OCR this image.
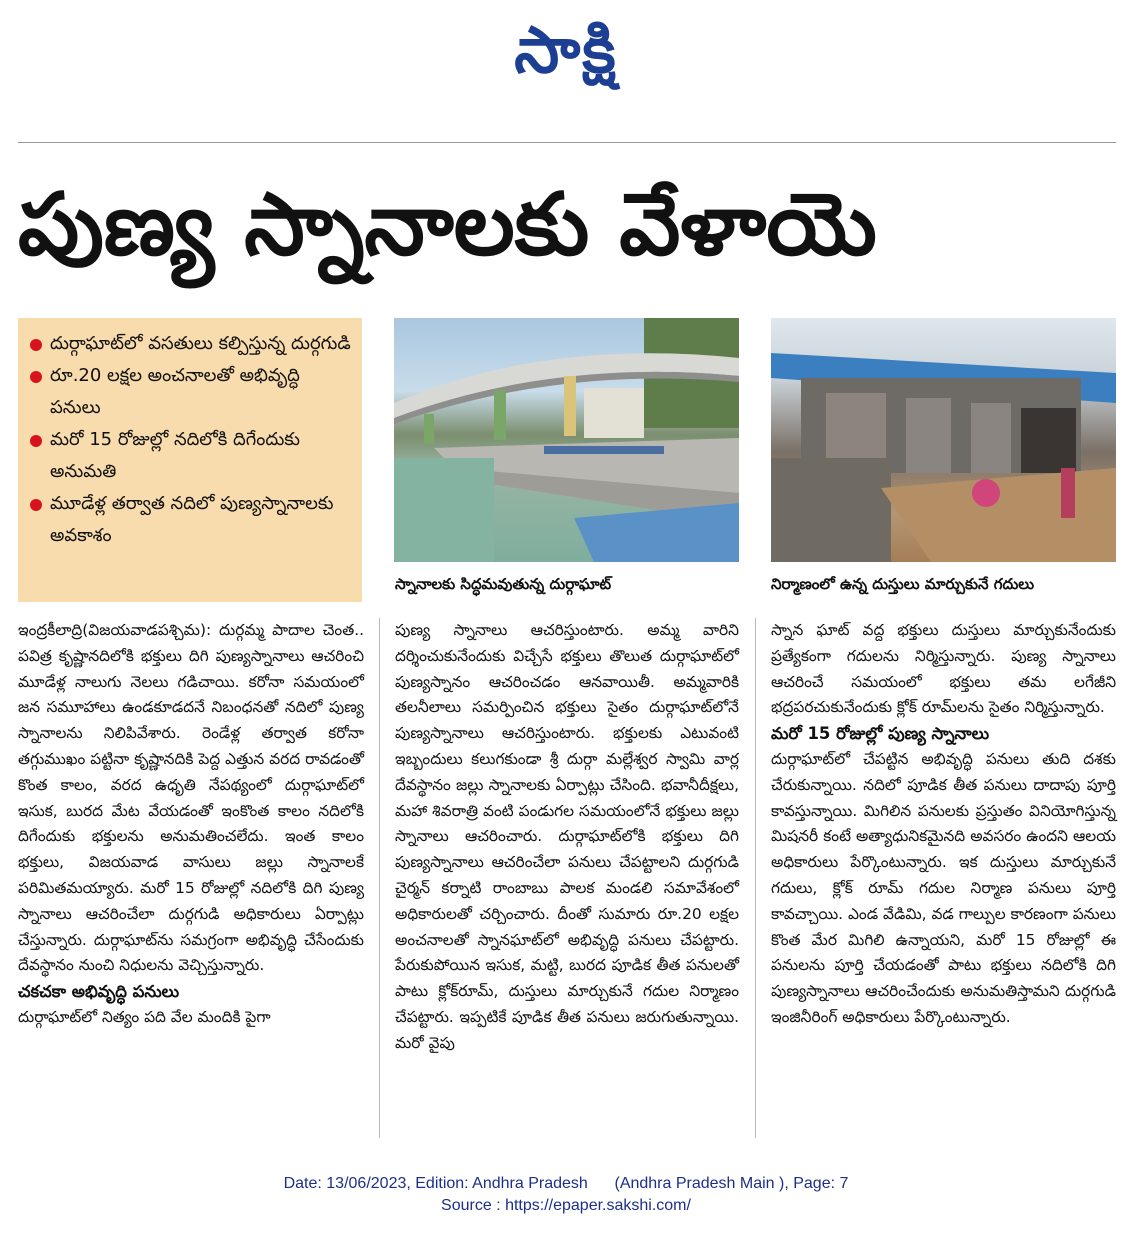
సాక్షి
పుణ్య స్నానాలకు వేళాయె
దుర్గాఘాట్‌లో వసతులు కల్పిస్తున్న దుర్గగుడి
రూ.20 లక్షల అంచనాలతో అభివృద్ధి పనులు
మరో 15 రోజుల్లో నదిలోకి దిగేందుకు అనుమతి
మూడేళ్ల తర్వాత నదిలో పుణ్యస్నానాలకు అవకాశం
స్నానాలకు సిద్ధమవుతున్న దుర్గాఘాట్	నిర్మాణంలో ఉన్న దుస్తులు మార్చుకునే గదులు

ఇంద్రకీలాద్రి(విజయవాడపశ్చిమ): దుర్గమ్మ పాదాల చెంత.. పవిత్ర కృష్ణానదిలోకి భక్తులు దిగి పుణ్యస్నానాలు ఆచరించి మూడేళ్ల నాలుగు నెలలు గడిచాయి. కరోనా సమయంలో జన సమూహాలు ఉండకూడదనే నిబంధనతో నదిలో పుణ్య స్నానాలను నిలిపివేశారు. రెండేళ్ల తర్వాత కరోనా తగ్గుముఖం పట్టినా కృష్ణానదికి పెద్ద ఎత్తున వరద రావడంతో కొంత కాలం, వరద ఉధృతి నేపథ్యంలో దుర్గాఘాట్‌లో ఇసుక, బురద మేట వేయడంతో ఇంకొంత కాలం నదిలోకి దిగేందుకు భక్తులను అనుమతించలేదు. ఇంత కాలం భక్తులు, విజయవాడ వాసులు జల్లు స్నానాలకే పరిమితమయ్యారు. మరో 15 రోజుల్లో నదిలోకి దిగి పుణ్య స్నానాలు ఆచరించేలా దుర్గగుడి అధికారులు ఏర్పాట్లు చేస్తున్నారు. దుర్గాఘాట్‌ను సమగ్రంగా అభివృద్ధి చేసేందుకు దేవస్థానం నుంచి నిధులను వెచ్చిస్తున్నారు.

చకచకా అభివృద్ధి పనులు

దుర్గాఘాట్‌లో నిత్యం పది వేల మందికి పైగా

పుణ్య స్నానాలు ఆచరిస్తుంటారు. అమ్మ వారిని దర్శించుకునేందుకు విచ్చేసే భక్తులు తొలుత దుర్గాఘాట్‌లో పుణ్యస్నానం ఆచరించడం ఆనవాయితీ. అమ్మవారికి తలనీలాలు సమర్పించిన భక్తులు సైతం దుర్గాఘాట్‌లోనే పుణ్యస్నానాలు ఆచరిస్తుంటారు. భక్తులకు ఎటువంటి ఇబ్బందులు కలుగకుండా శ్రీ దుర్గా మల్లేశ్వర స్వామి వార్ల దేవస్థానం జల్లు స్నానాలకు ఏర్పాట్లు చేసింది. భవానీదీక్షలు, మహా శివరాత్రి వంటి పండుగల సమయంలోనే భక్తులు జల్లు స్నానాలు ఆచరించారు. దుర్గాఘాట్‌లోకి భక్తులు దిగి పుణ్యస్నానాలు ఆచరించేలా పనులు చేపట్టాలని దుర్గగుడి చైర్మన్ కర్నాటి రాంబాబు పాలక మండలి సమావేశంలో అధికారులతో చర్చించారు. దీంతో సుమారు రూ.20 లక్షల అంచనాలతో స్నానఘాట్‌లో అభివృద్ధి పనులు చేపట్టారు. పేరుకుపోయిన ఇసుక, మట్టి, బురద పూడిక తీత పనులతో పాటు క్లోక్‌రూమ్, దుస్తులు మార్చుకునే గదుల నిర్మాణం చేపట్టారు. ఇప్పటికే పూడిక తీత పనులు జరుగుతున్నాయి. మరో వైపు

స్నాన ఘాట్ వద్ద భక్తులు దుస్తులు మార్చుకునేందుకు ప్రత్యేకంగా గదులను నిర్మిస్తున్నారు. పుణ్య స్నానాలు ఆచరించే సమయంలో భక్తులు తమ లగేజీని భద్రపరచుకునేందుకు క్లోక్ రూమ్‌లను సైతం నిర్మిస్తున్నారు.

మరో 15 రోజుల్లో పుణ్య స్నానాలు

దుర్గాఘాట్‌లో చేపట్టిన అభివృద్ధి పనులు తుది దశకు చేరుకున్నాయి. నదిలో పూడిక తీత పనులు దాదాపు పూర్తి కావస్తున్నాయి. మిగిలిన పనులకు ప్రస్తుతం వినియోగిస్తున్న మిషనరీ కంటే అత్యాధునికమైనది అవసరం ఉందని ఆలయ అధికారులు పేర్కొంటున్నారు. ఇక దుస్తులు మార్చుకునే గదులు, క్లోక్ రూమ్ గదుల నిర్మాణ పనులు పూర్తి కావచ్చాయి. ఎండ వేడిమి, వడ గాల్పుల కారణంగా పనులు కొంత మేర మిగిలి ఉన్నాయని, మరో 15 రోజుల్లో ఈ పనులను పూర్తి చేయడంతో పాటు భక్తులు నదిలోకి దిగి పుణ్యస్నానాలు ఆచరించేందుకు అనుమతిస్తామని దుర్గగుడి ఇంజినీరింగ్ అధికారులు పేర్కొంటున్నారు.

Date: 13/06/2023, Edition: Andhra Pradesh      (Andhra Pradesh Main ), Page: 7
Source : https://epaper.sakshi.com/
